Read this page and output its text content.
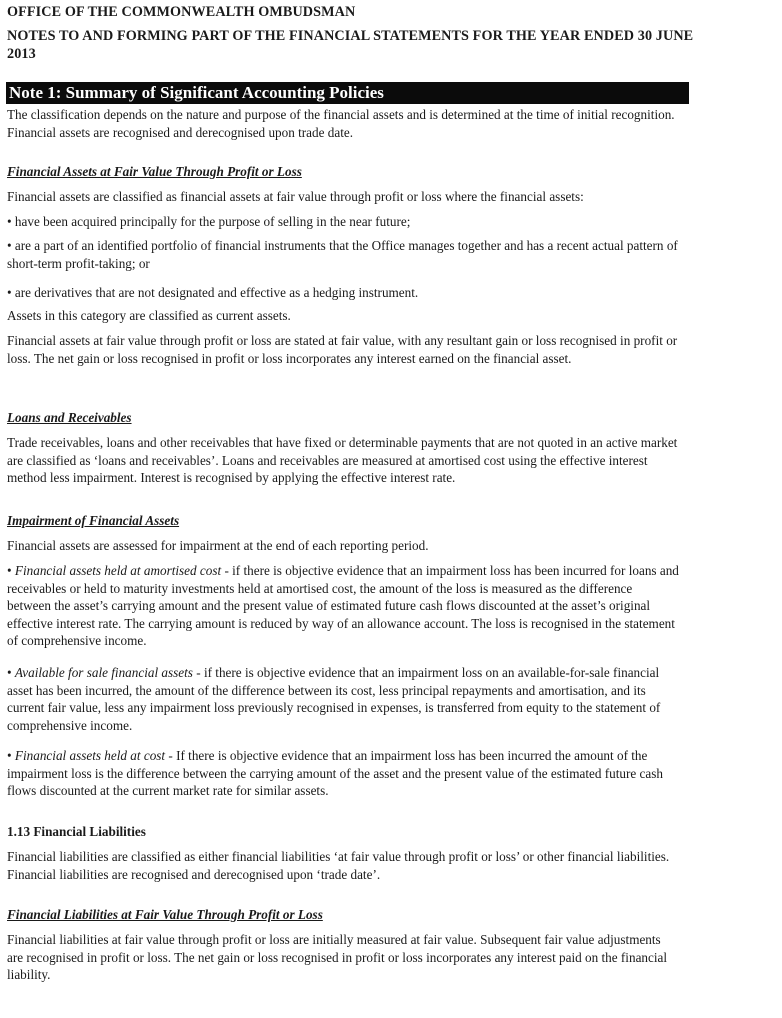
OFFICE OF THE COMMONWEALTH OMBUDSMAN
NOTES TO AND FORMING PART OF THE FINANCIAL STATEMENTS FOR THE YEAR ENDED 30 JUNE 2013
Note 1: Summary of Significant Accounting Policies

The classification depends on the nature and purpose of the financial assets and is determined at the time of initial recognition. Financial assets are recognised and derecognised upon trade date.

Financial Assets at Fair Value Through Profit or Loss

Financial assets are classified as financial assets at fair value through profit or loss where the financial assets:

• have been acquired principally for the purpose of selling in the near future;

• are a part of an identified portfolio of financial instruments that the Office manages together and has a recent actual pattern of short-term profit-taking; or

• are derivatives that are not designated and effective as a hedging instrument.

Assets in this category are classified as current assets.

Financial assets at fair value through profit or loss are stated at fair value, with any resultant gain or loss recognised in profit or loss. The net gain or loss recognised in profit or loss incorporates any interest earned on the financial asset.

Loans and Receivables

Trade receivables, loans and other receivables that have fixed or determinable payments that are not quoted in an active market are classified as ‘loans and receivables’. Loans and receivables are measured at amortised cost using the effective interest method less impairment. Interest is recognised by applying the effective interest rate.

Impairment of Financial Assets

Financial assets are assessed for impairment at the end of each reporting period.

• Financial assets held at amortised cost - if there is objective evidence that an impairment loss has been incurred for loans and receivables or held to maturity investments held at amortised cost, the amount of the loss is measured as the difference between the asset’s carrying amount and the present value of estimated future cash flows discounted at the asset’s original effective interest rate. The carrying amount is reduced by way of an allowance account. The loss is recognised in the statement of comprehensive income.

• Available for sale financial assets - if there is objective evidence that an impairment loss on an available-for-sale financial asset has been incurred, the amount of the difference between its cost, less principal repayments and amortisation, and its current fair value, less any impairment loss previously recognised in expenses, is transferred from equity to the statement of comprehensive income.

• Financial assets held at cost - If there is objective evidence that an impairment loss has been incurred the amount of the impairment loss is the difference between the carrying amount of the asset and the present value of the estimated future cash flows discounted at the current market rate for similar assets.

1.13 Financial Liabilities

Financial liabilities are classified as either financial liabilities ‘at fair value through profit or loss’ or other financial liabilities. Financial liabilities are recognised and derecognised upon ‘trade date’.

Financial Liabilities at Fair Value Through Profit or Loss

Financial liabilities at fair value through profit or loss are initially measured at fair value. Subsequent fair value adjustments are recognised in profit or loss. The net gain or loss recognised in profit or loss incorporates any interest paid on the financial liability.
